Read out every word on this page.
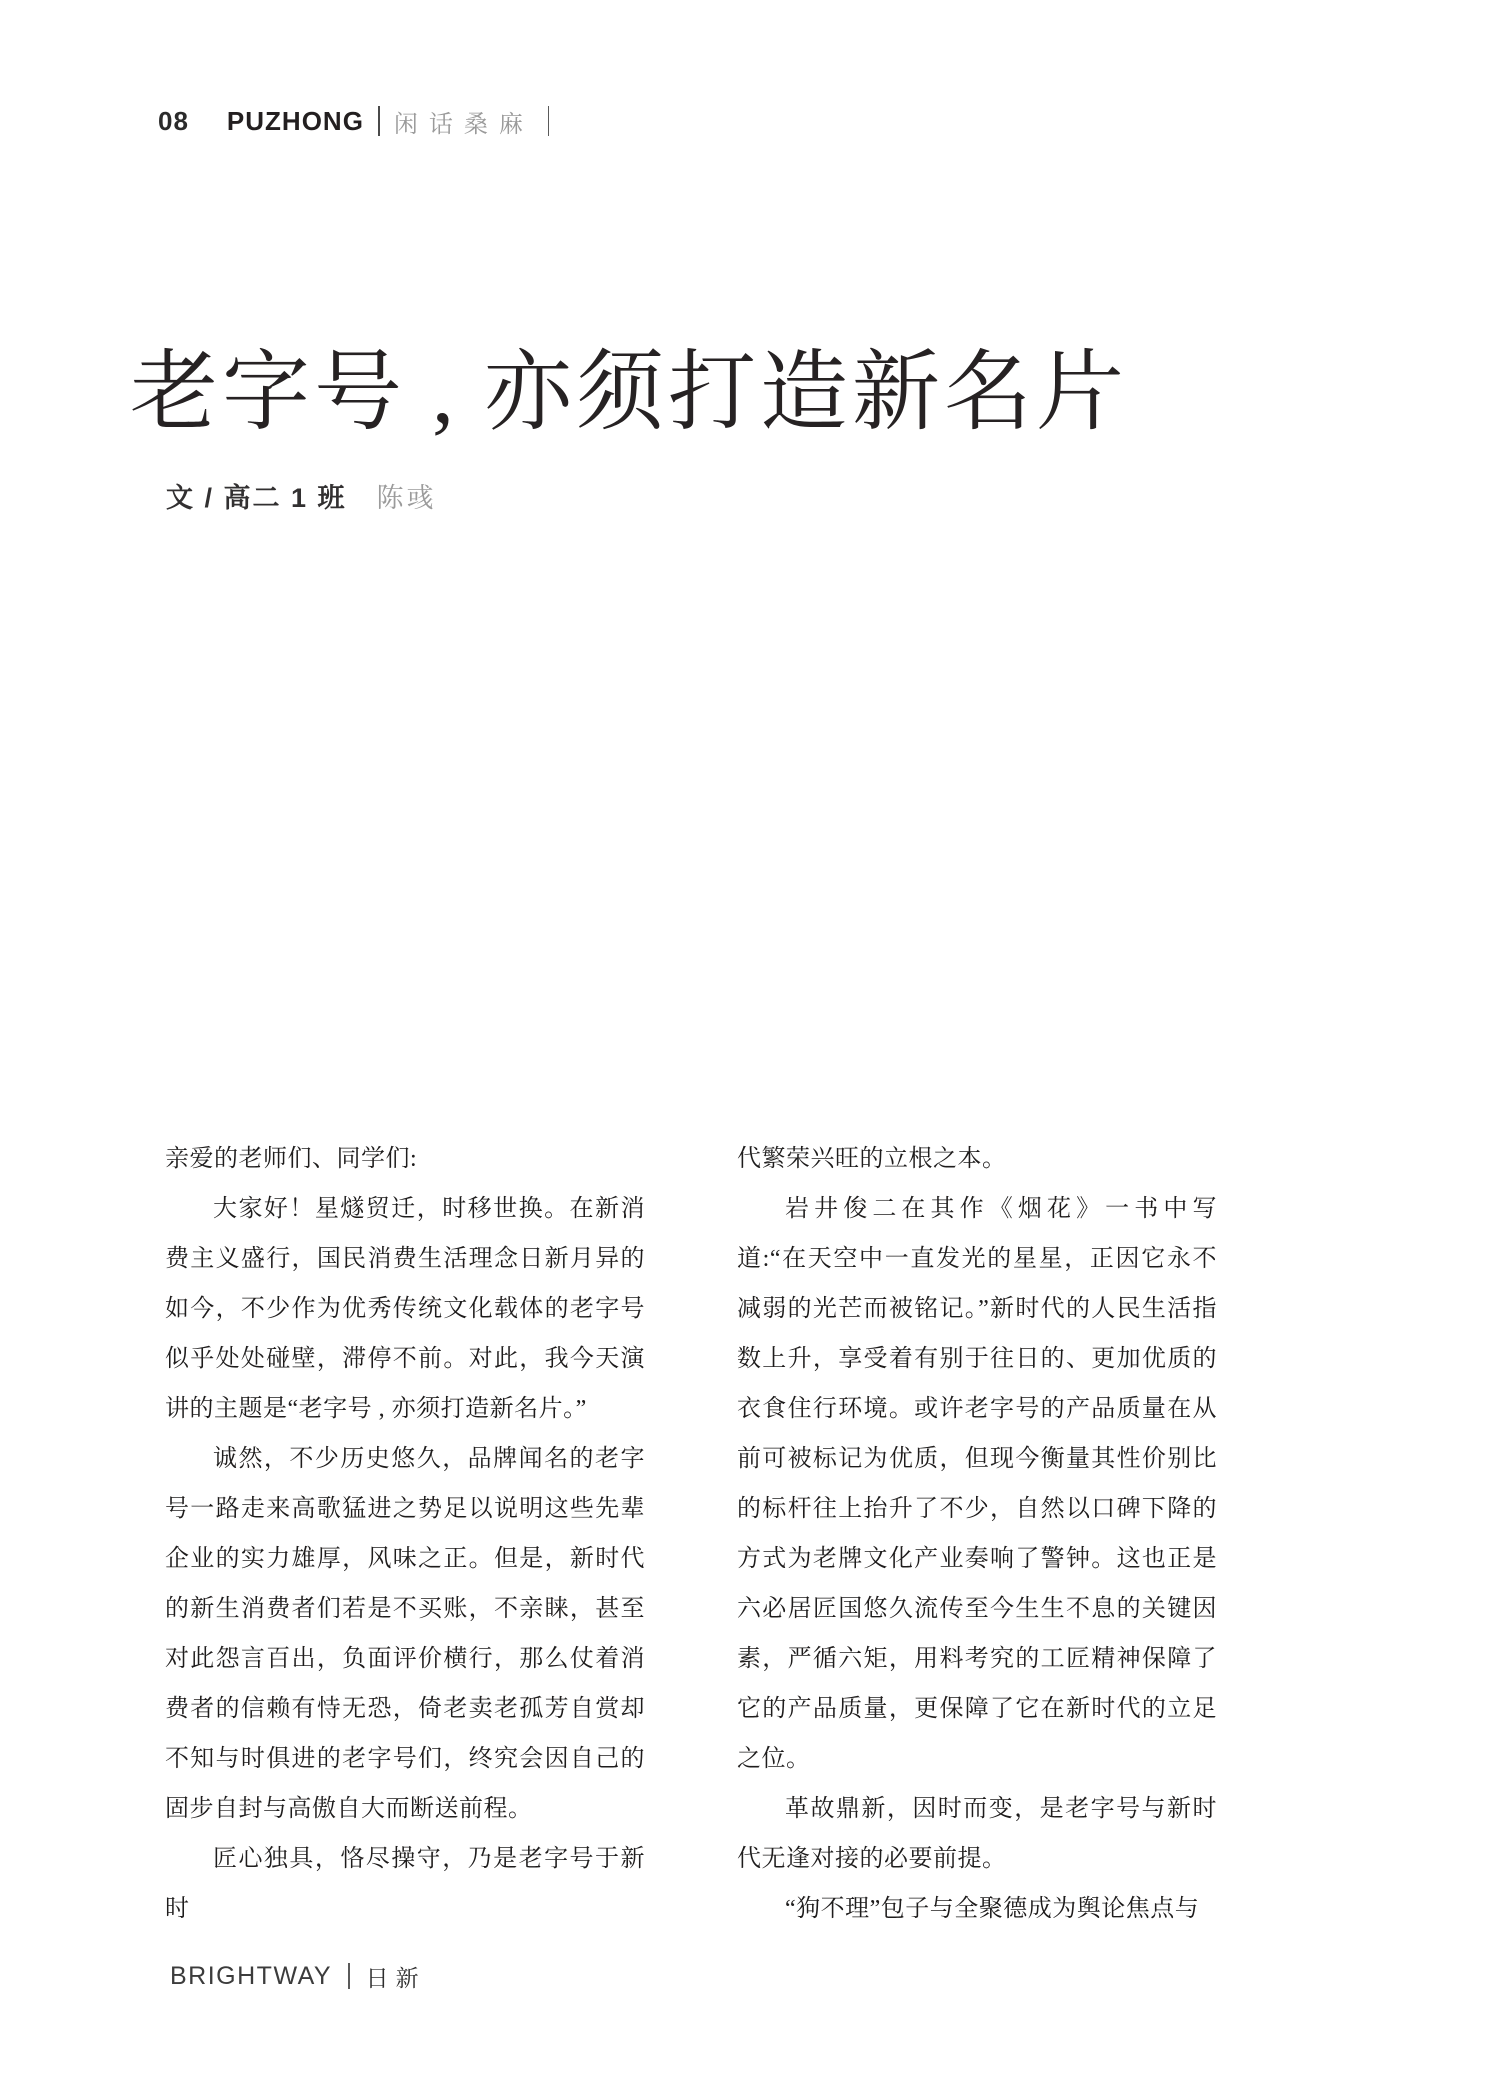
08 PUZHONG 闲话桑麻
老字号 , 亦须打造新名片
文 / 高二 1 班 陈彧

亲爱的老师们、同学们:

大家好！星燧贸迁，时移世换。在新消费主义盛行，国民消费生活理念日新月异的如今，不少作为优秀传统文化载体的老字号似乎处处碰壁，滞停不前。对此，我今天演讲的主题是“老字号 , 亦须打造新名片。”

诚然，不少历史悠久，品牌闻名的老字号一路走来高歌猛进之势足以说明这些先辈企业的实力雄厚，风味之正。但是，新时代的新生消费者们若是不买账，不亲睐，甚至对此怨言百出，负面评价横行，那么仗着消费者的信赖有恃无恐，倚老卖老孤芳自赏却不知与时俱进的老字号们，终究会因自己的固步自封与高傲自大而断送前程。

匠心独具，恪尽操守，乃是老字号于新时

代繁荣兴旺的立根之本。

岩井俊二在其作《烟花》一书中写道:“在天空中一直发光的星星，正因它永不减弱的光芒而被铭记。”新时代的人民生活指数上升，享受着有别于往日的、更加优质的衣食住行环境。或许老字号的产品质量在从前可被标记为优质，但现今衡量其性价别比的标杆往上抬升了不少，自然以口碑下降的方式为老牌文化产业奏响了警钟。这也正是六必居匠国悠久流传至今生生不息的关键因素，严循六矩，用料考究的工匠精神保障了它的产品质量，更保障了它在新时代的立足之位。

革故鼎新，因时而变，是老字号与新时代无逢对接的必要前提。

“狗不理”包子与全聚德成为舆论焦点与

BRIGHTWAY 日新
